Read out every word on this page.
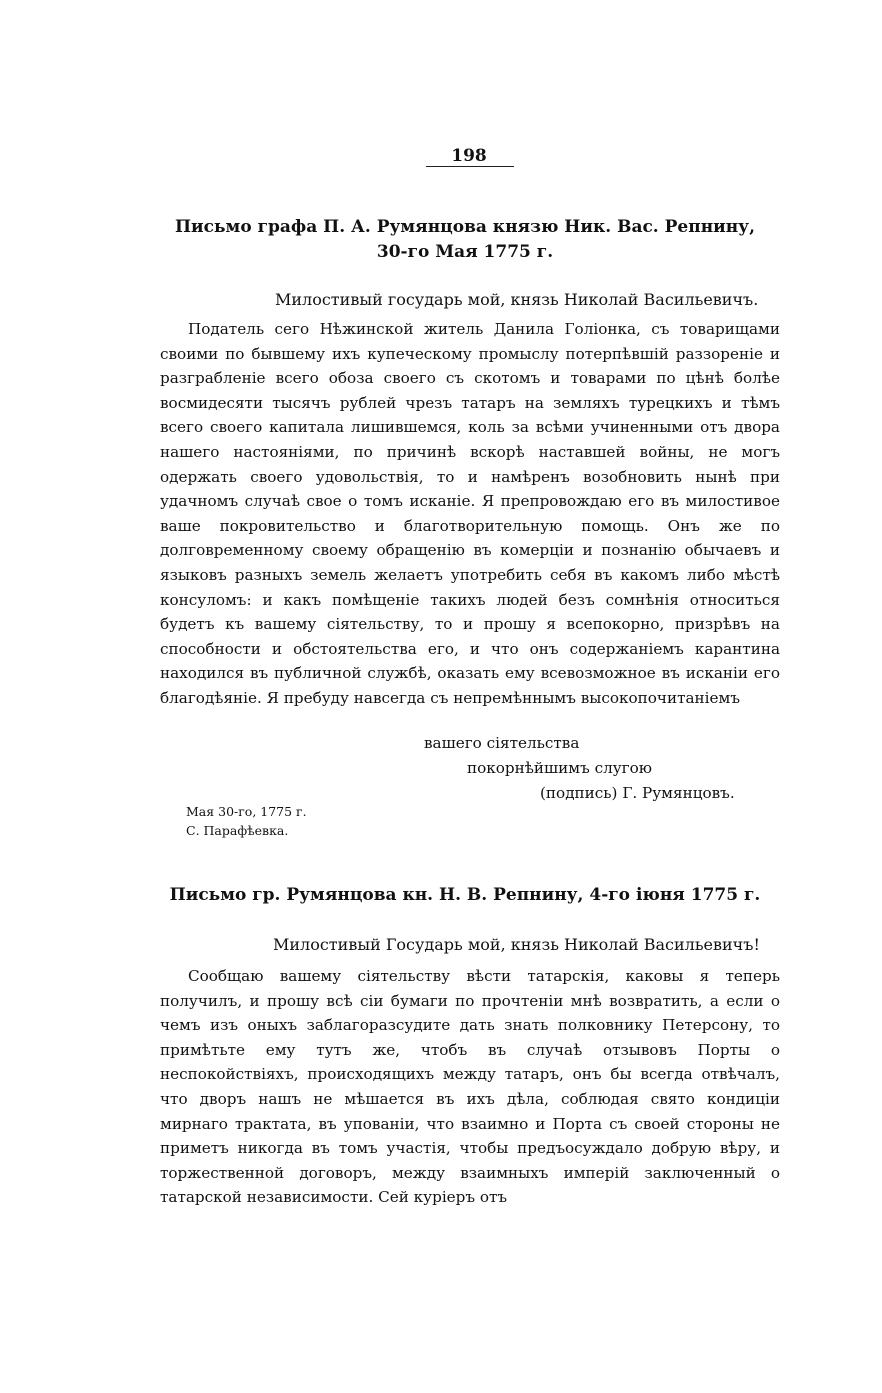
198
Письмо графа П. А. Румянцова князю Ник. Вас. Репнину,
30-го Мая 1775 г.
Милостивый государь мой, князь Николай Васильевичъ.
Податель сего Нѣжинской житель Данила Голіонка, съ товарищами своими по бывшему ихъ купеческому промыслу потерпѣвшій раззореніе и разграбленіе всего обоза своего съ скотомъ и товарами по цѣнѣ болѣе восмидесяти тысячъ рублей чрезъ татаръ на земляхъ турецкихъ и тѣмъ всего своего капитала лишившемся, коль за всѣми учиненными отъ двора нашего настояніями, по причинѣ вскорѣ наставшей войны, не могъ одержать своего удовольствія, то и намѣренъ возобновить нынѣ при удачномъ случаѣ свое о томъ исканіе. Я препровождаю его въ милостивое ваше покровительство и благотворительную помощь. Онъ же по долговременному своему обращенію въ комерціи и познанію обычаевъ и языковъ разныхъ земель желаетъ употребить себя въ какомъ либо мѣстѣ консуломъ: и какъ помѣщеніе такихъ людей безъ сомнѣнія относиться будетъ къ вашему сіятельству, то и прошу я всепокорно, призрѣвъ на способности и обстоятельства его, и что онъ содержаніемъ карантина находился въ публичной службѣ, оказать ему всевозможное въ исканіи его благодѣяніе. Я пребуду навсегда съ непремѣннымъ высокопочитаніемъ
вашего сіятельства
покорнѣйшимъ слугою
(подпись) Г. Румянцовъ.
Мая 30-го, 1775 г.
С. Парафѣевка.
Письмо гр. Румянцова кн. Н. В. Репнину, 4-го іюня 1775 г.
Милостивый Государь мой, князь Николай Васильевичъ!
Сообщаю вашему сіятельству вѣсти татарскія, каковы я теперь получилъ, и прошу всѣ сіи бумаги по прочтеніи мнѣ возвратить, а если о чемъ изъ оныхъ заблагоразсудите дать знать полковнику Петерсону, то примѣтьте ему тутъ же, чтобъ въ случаѣ отзывовъ Порты о неспокойствіяхъ, происходящихъ между татаръ, онъ бы всегда отвѣчалъ, что дворъ нашъ не мѣшается въ ихъ дѣла, соблюдая свято кондиціи мирнаго трактата, въ упованіи, что взаимно и Порта съ своей стороны не приметъ никогда въ томъ участія, чтобы предъосуждало добрую вѣру, и торжественной договоръ, между взаимныхъ имперій заключенный о татарской независимости. Сей куріеръ отъ
